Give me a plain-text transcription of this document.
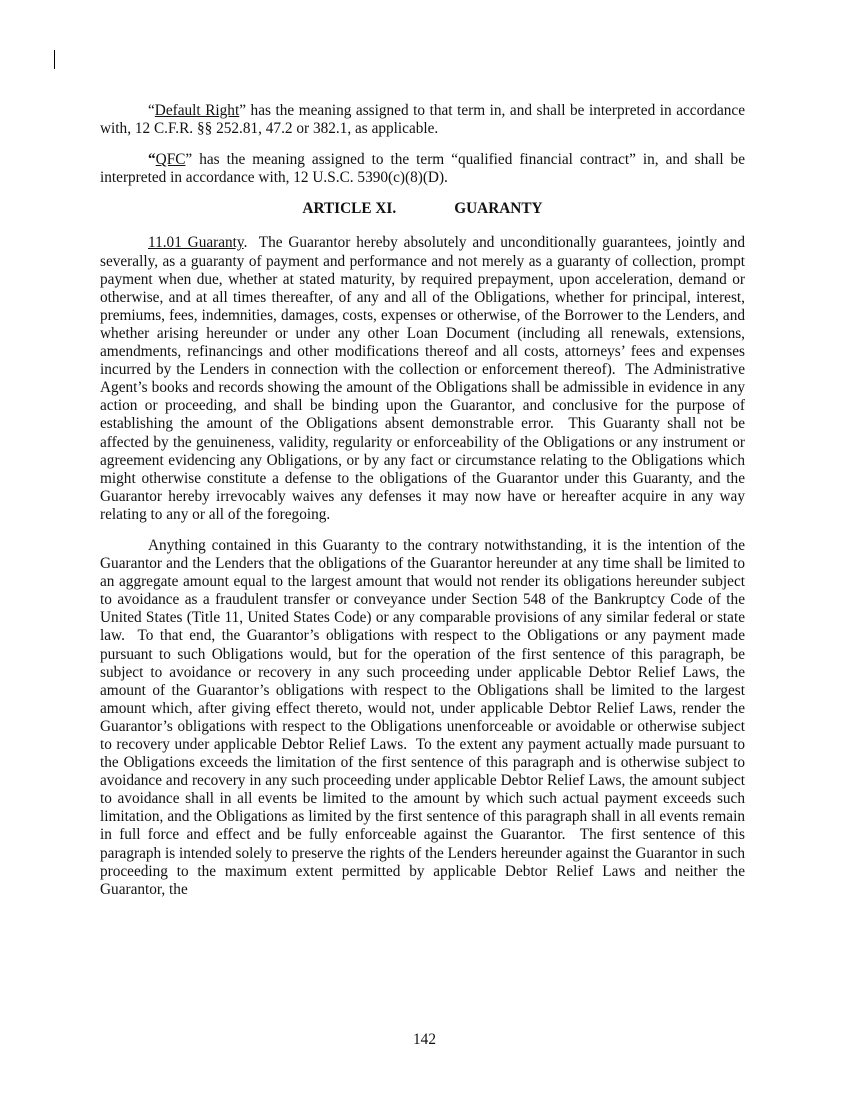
“Default Right” has the meaning assigned to that term in, and shall be interpreted in accordance with, 12 C.F.R. §§ 252.81, 47.2 or 382.1, as applicable.

“QFC” has the meaning assigned to the term “qualified financial contract” in, and shall be interpreted in accordance with, 12 U.S.C. 5390(c)(8)(D).

ARTICLE XI.	GUARANTY

11.01 Guaranty.  The Guarantor hereby absolutely and unconditionally guarantees, jointly and severally, as a guaranty of payment and performance and not merely as a guaranty of collection, prompt payment when due, whether at stated maturity, by required prepayment, upon acceleration, demand or otherwise, and at all times thereafter, of any and all of the Obligations, whether for principal, interest, premiums, fees, indemnities, damages, costs, expenses or otherwise, of the Borrower to the Lenders, and whether arising hereunder or under any other Loan Document (including all renewals, extensions, amendments, refinancings and other modifications thereof and all costs, attorneys’ fees and expenses incurred by the Lenders in connection with the collection or enforcement thereof).  The Administrative Agent’s books and records showing the amount of the Obligations shall be admissible in evidence in any action or proceeding, and shall be binding upon the Guarantor, and conclusive for the purpose of establishing the amount of the Obligations absent demonstrable error.  This Guaranty shall not be affected by the genuineness, validity, regularity or enforceability of the Obligations or any instrument or agreement evidencing any Obligations, or by any fact or circumstance relating to the Obligations which might otherwise constitute a defense to the obligations of the Guarantor under this Guaranty, and the Guarantor hereby irrevocably waives any defenses it may now have or hereafter acquire in any way relating to any or all of the foregoing.

Anything contained in this Guaranty to the contrary notwithstanding, it is the intention of the Guarantor and the Lenders that the obligations of the Guarantor hereunder at any time shall be limited to an aggregate amount equal to the largest amount that would not render its obligations hereunder subject to avoidance as a fraudulent transfer or conveyance under Section 548 of the Bankruptcy Code of the United States (Title 11, United States Code) or any comparable provisions of any similar federal or state law.  To that end, the Guarantor’s obligations with respect to the Obligations or any payment made pursuant to such Obligations would, but for the operation of the first sentence of this paragraph, be subject to avoidance or recovery in any such proceeding under applicable Debtor Relief Laws, the amount of the Guarantor’s obligations with respect to the Obligations shall be limited to the largest amount which, after giving effect thereto, would not, under applicable Debtor Relief Laws, render the Guarantor’s obligations with respect to the Obligations unenforceable or avoidable or otherwise subject to recovery under applicable Debtor Relief Laws.  To the extent any payment actually made pursuant to the Obligations exceeds the limitation of the first sentence of this paragraph and is otherwise subject to avoidance and recovery in any such proceeding under applicable Debtor Relief Laws, the amount subject to avoidance shall in all events be limited to the amount by which such actual payment exceeds such limitation, and the Obligations as limited by the first sentence of this paragraph shall in all events remain in full force and effect and be fully enforceable against the Guarantor.  The first sentence of this paragraph is intended solely to preserve the rights of the Lenders hereunder against the Guarantor in such proceeding to the maximum extent permitted by applicable Debtor Relief Laws and neither the Guarantor, the

142
